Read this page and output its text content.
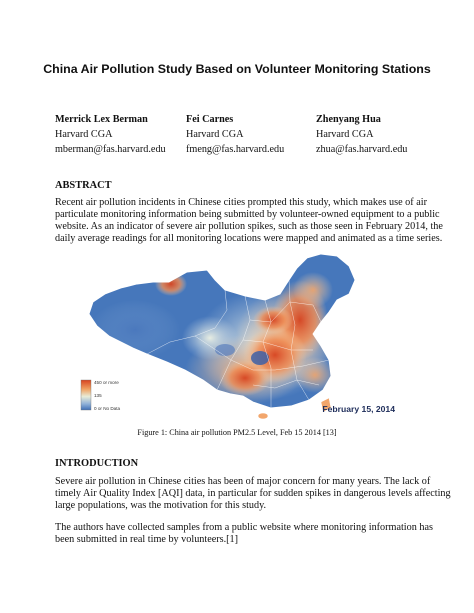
China Air Pollution Study Based on Volunteer Monitoring Stations
Merrick Lex Berman
Harvard CGA
mberman@fas.harvard.edu
Fei Carnes
Harvard CGA
fmeng@fas.harvard.edu
Zhenyang Hua
Harvard CGA
zhua@fas.harvard.edu
ABSTRACT
Recent air pollution incidents in Chinese cities prompted this study, which makes use of air
particulate monitoring information being submitted by volunteer-owned equipment to a public
website. As an indicator of severe air pollution spikes, such as those seen in February 2014, the
daily average readings for all monitoring locations were mapped and animated as a time series.
450 or more
135
0 or No Data	February 15, 2014
Figure 1: China air pollution PM2.5 Level, Feb 15 2014 [13]
INTRODUCTION
Severe air pollution in Chinese cities has been of major concern for many years. The lack of
timely Air Quality Index [AQI] data, in particular for sudden spikes in dangerous levels affecting
large populations, was the motivation for this study.
The authors have collected samples from a public website where monitoring information has
been submitted in real time by volunteers.[1]
